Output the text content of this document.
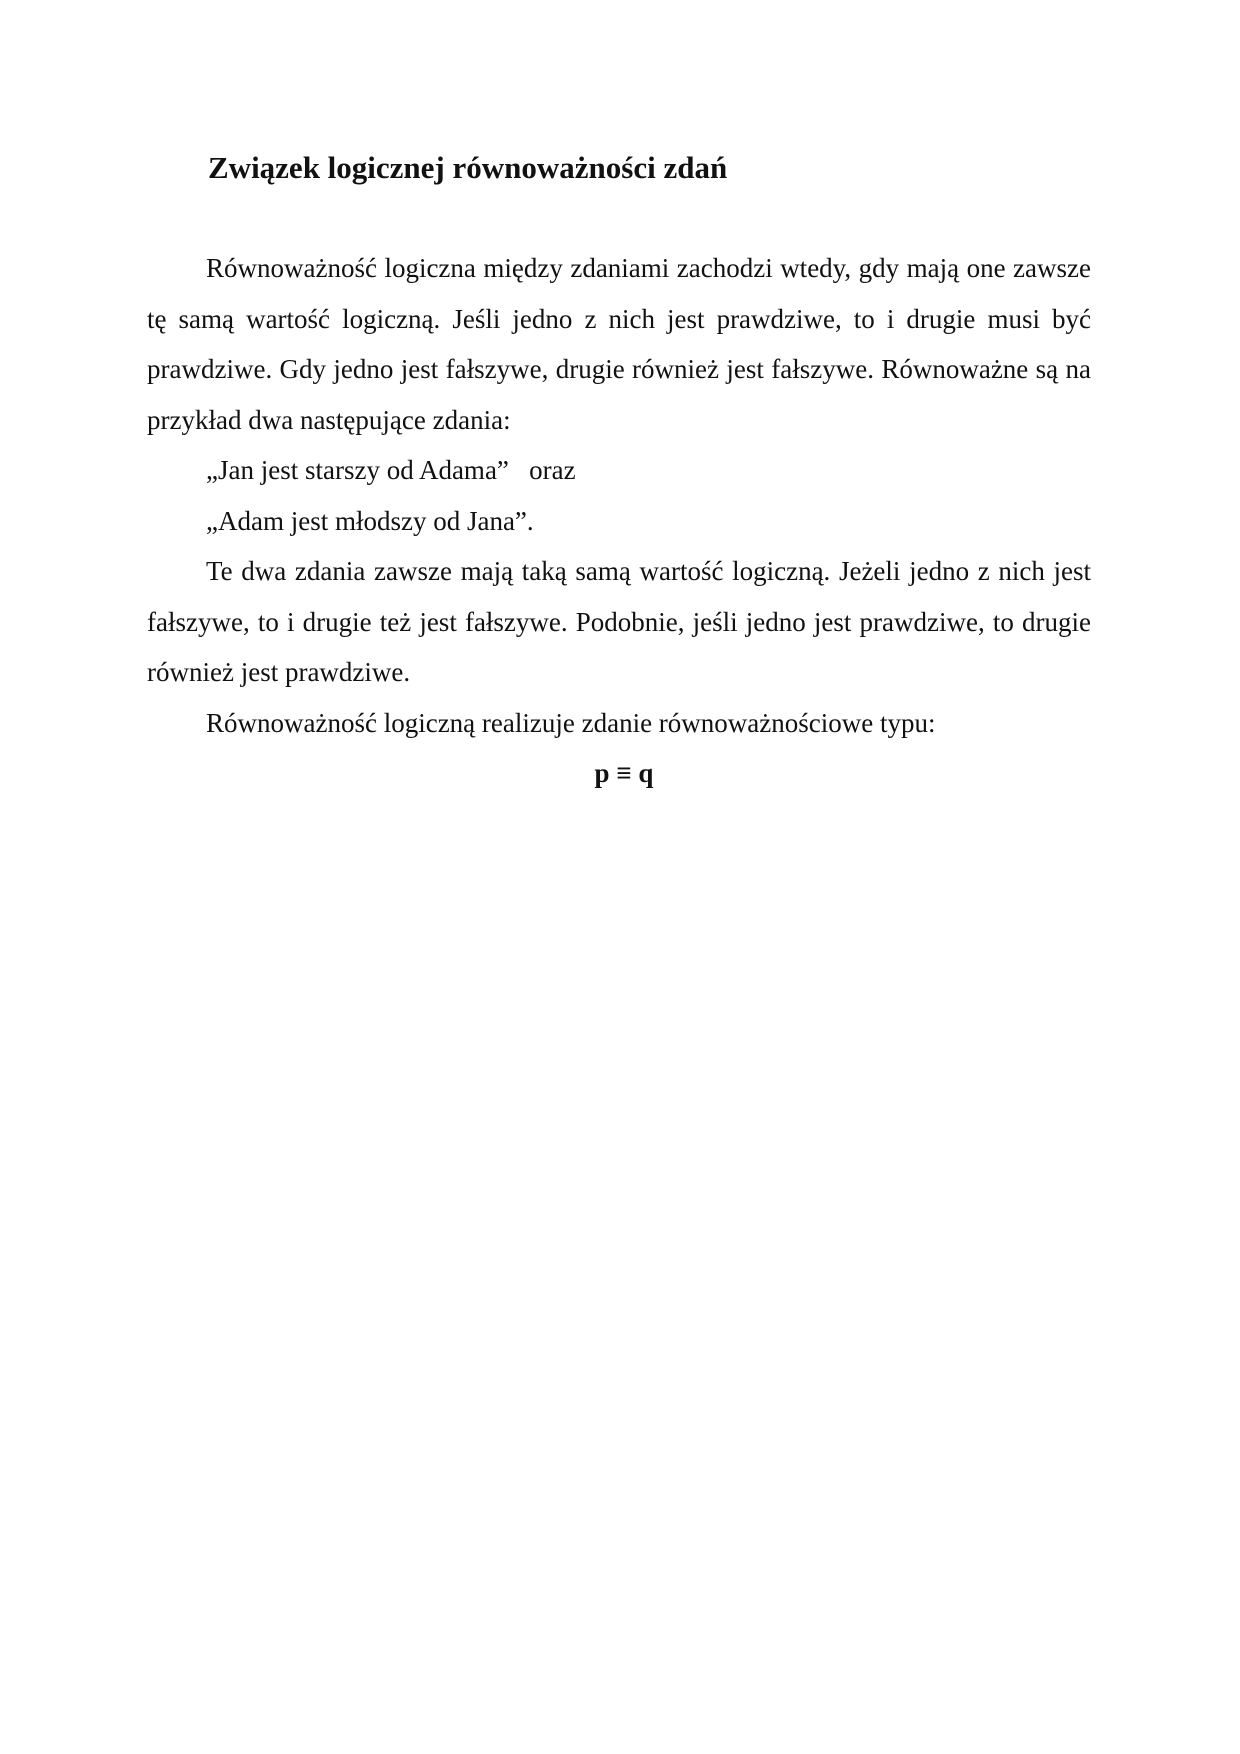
Związek logicznej równoważności zdań

Równoważność logiczna między zdaniami zachodzi wtedy, gdy mają one zawsze tę samą wartość logiczną. Jeśli jedno z nich jest prawdziwe, to i drugie musi być prawdziwe. Gdy jedno jest fałszywe, drugie również jest fałszywe. Równoważne są na przykład dwa następujące zdania:

„Jan jest starszy od Adama”   oraz

„Adam jest młodszy od Jana”.

Te dwa zdania zawsze mają taką samą wartość logiczną. Jeżeli jedno z nich jest fałszywe, to i drugie też jest fałszywe. Podobnie, jeśli jedno jest prawdziwe, to drugie również jest prawdziwe.

Równoważność logiczną realizuje zdanie równoważnościowe typu:

p ≡ q
